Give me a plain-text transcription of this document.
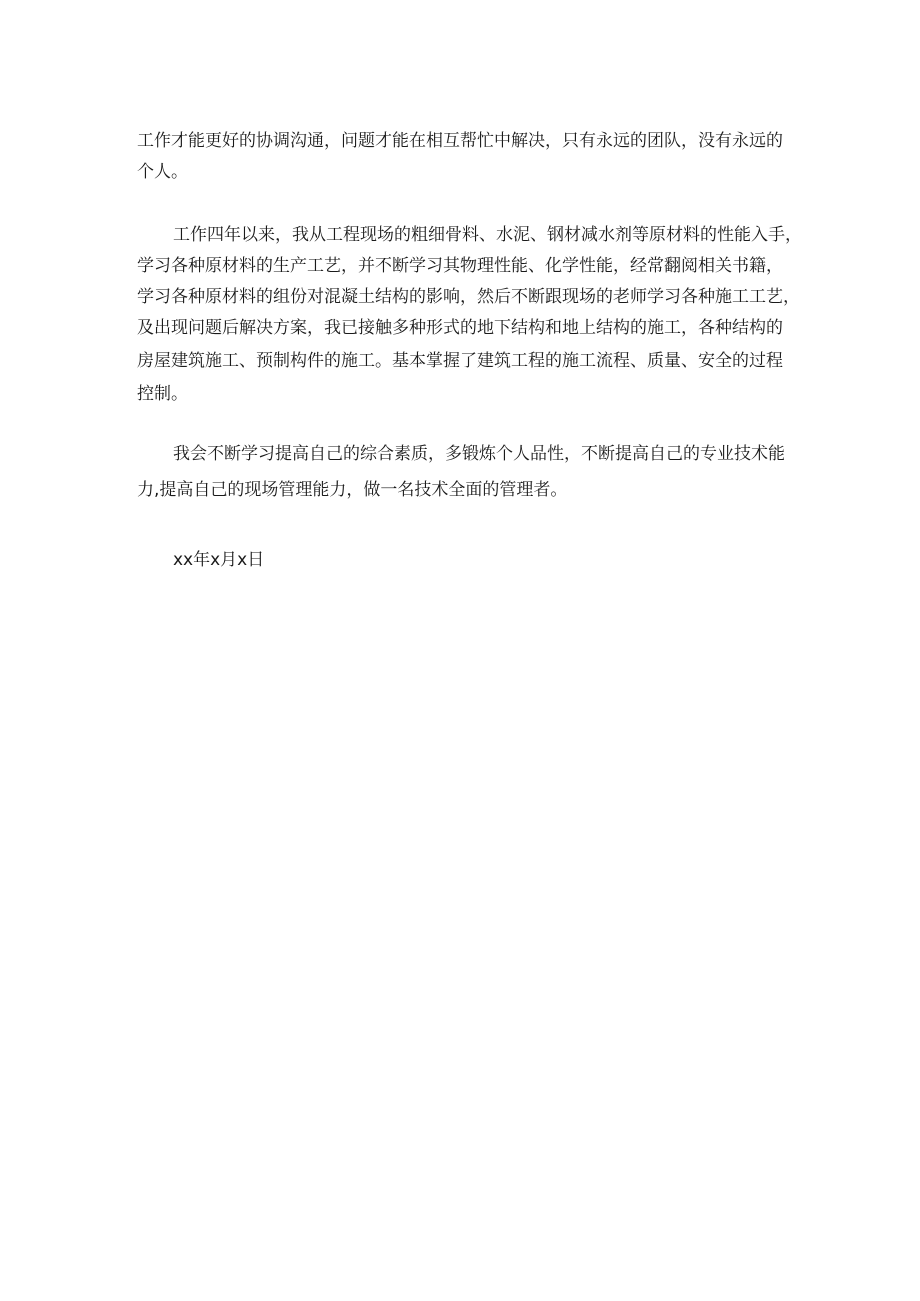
工作才能更好的协调沟通，问题才能在相互帮忙中解决，只有永远的团队，没有永远的
个人。
工作四年以来，我从工程现场的粗细骨料、水泥、钢材减水剂等原材料的性能入手，
学习各种原材料的生产工艺，并不断学习其物理性能、化学性能，经常翻阅相关书籍，
学习各种原材料的组份对混凝土结构的影响，然后不断跟现场的老师学习各种施工工艺，
及出现问题后解决方案，我已接触多种形式的地下结构和地上结构的施工，各种结构的
房屋建筑施工、预制构件的施工。基本掌握了建筑工程的施工流程、质量、安全的过程
控制。
我会不断学习提高自己的综合素质，多锻炼个人品性，不断提高自己的专业技术能
力,提高自己的现场管理能力，做一名技术全面的管理者。
xx年x月x日
